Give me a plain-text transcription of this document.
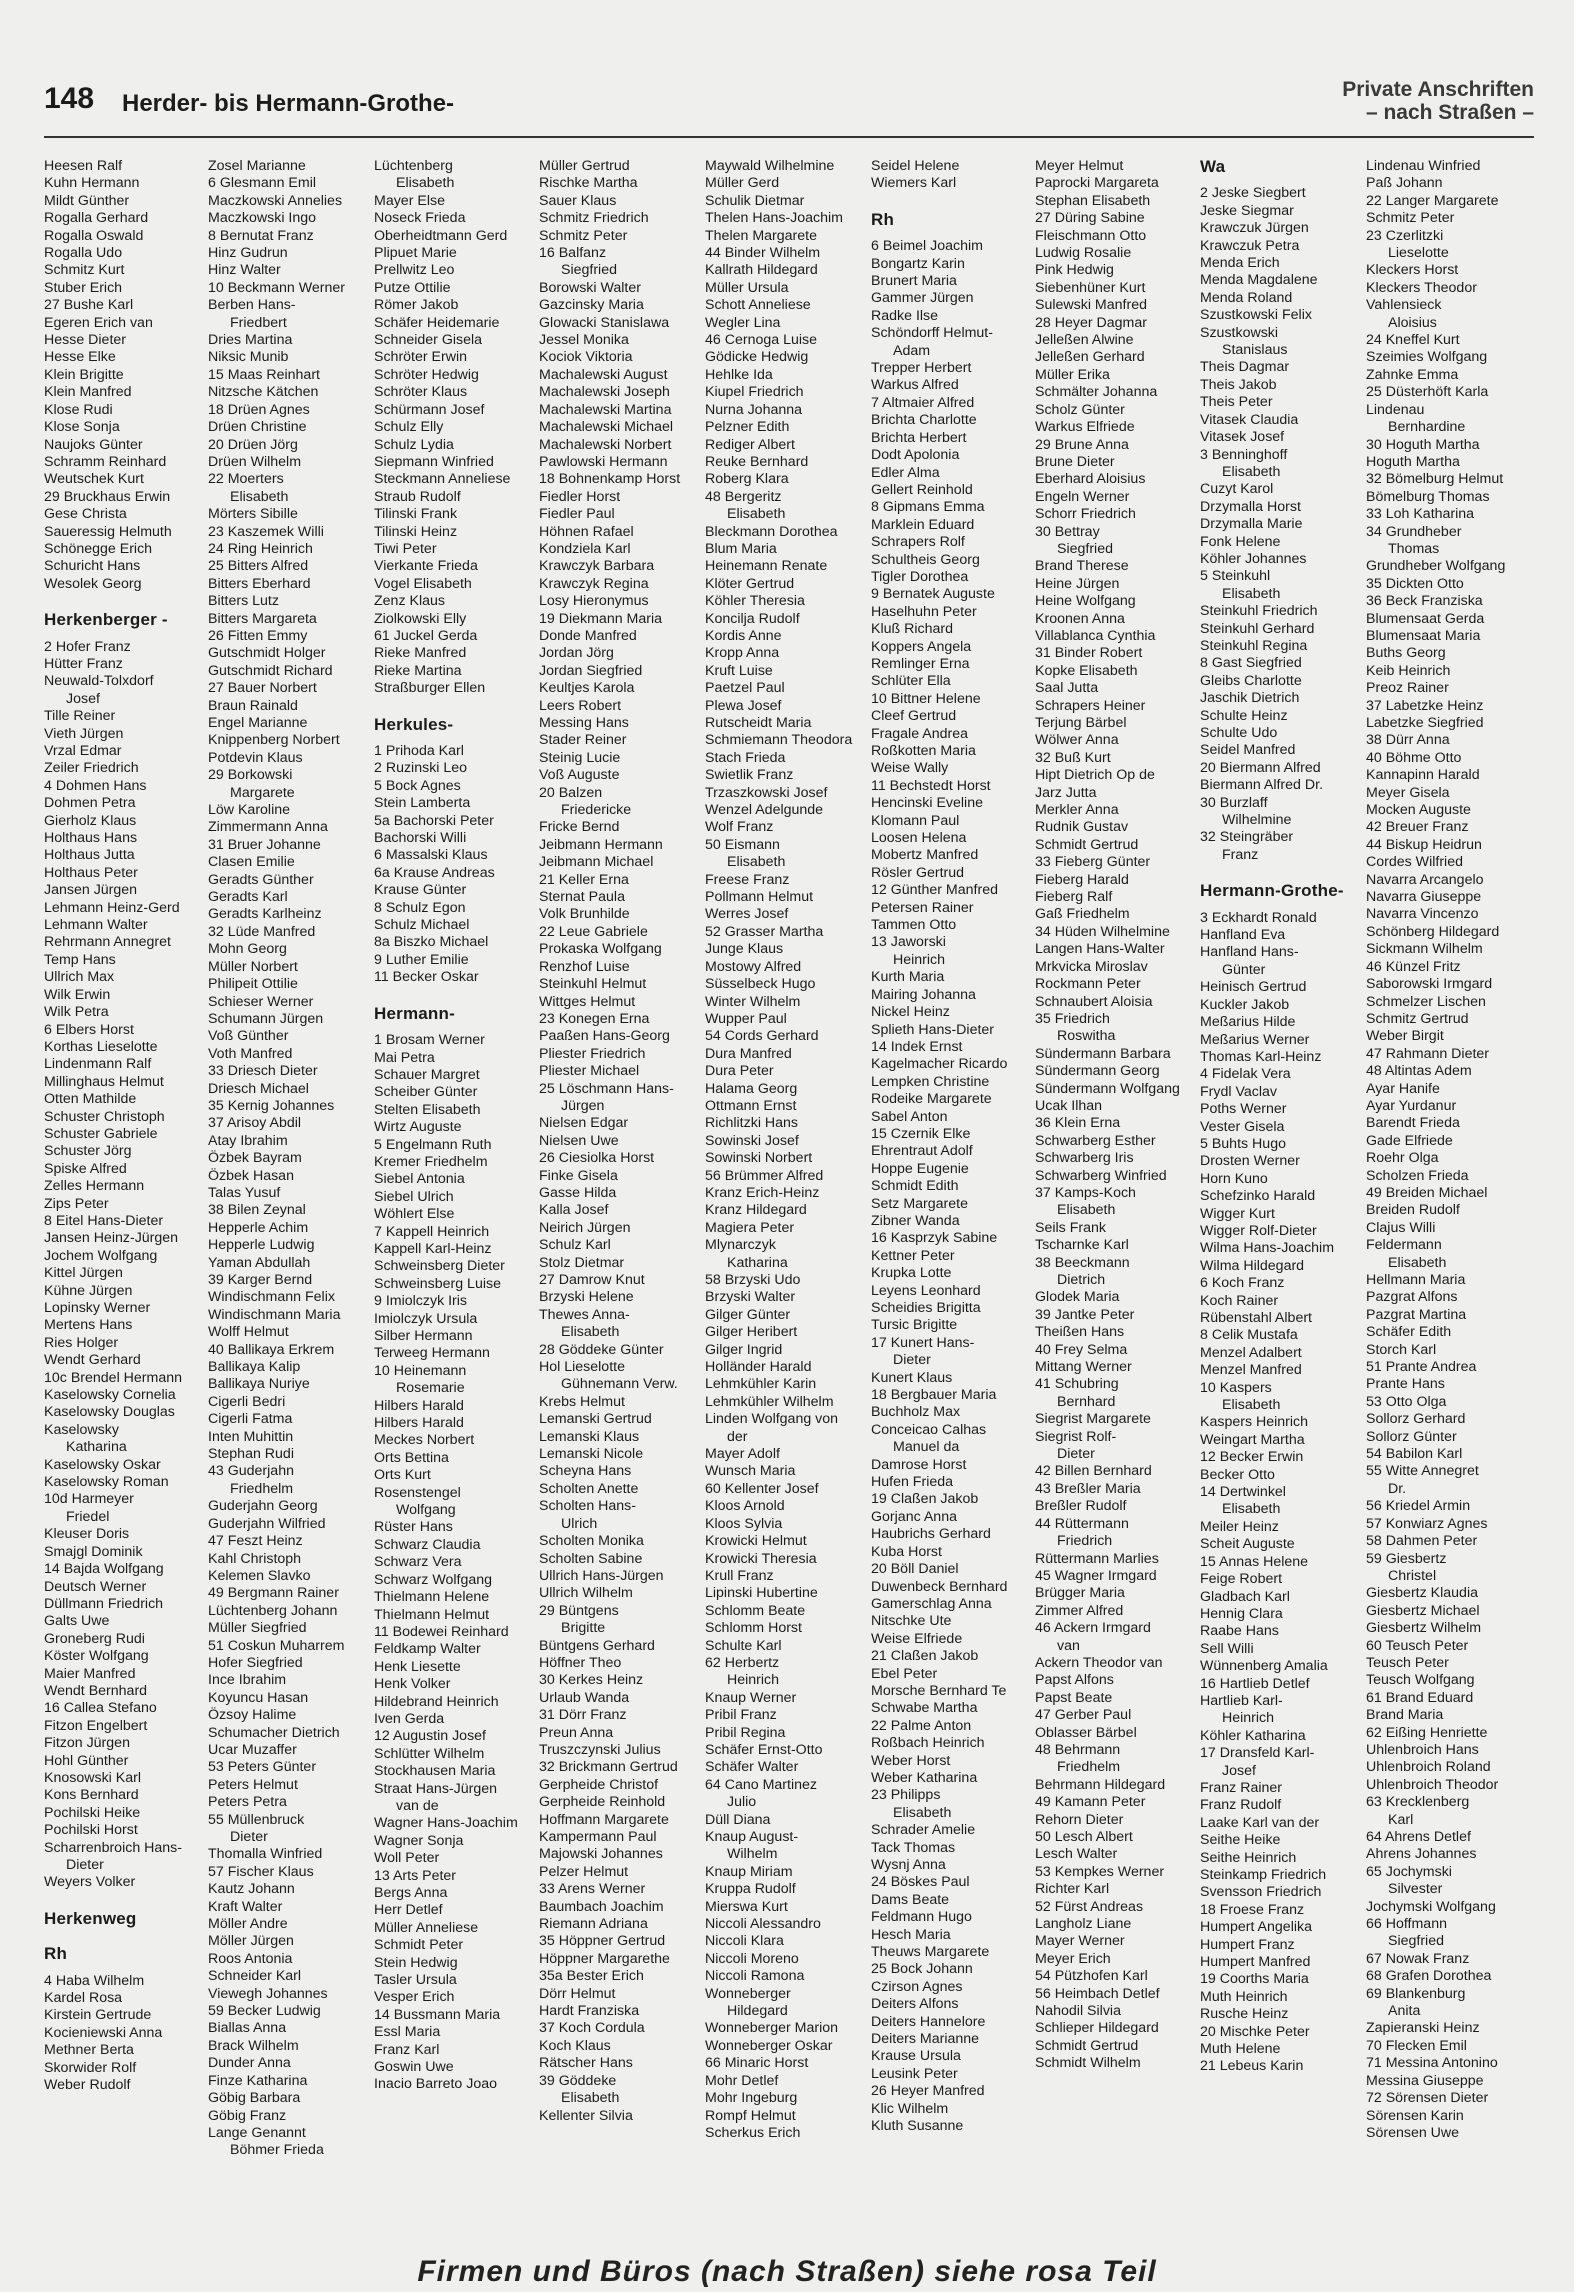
148 Herder- bis Hermann-Grothe-
Private Anschriften
– nach Straßen –
Heesen Ralf
Kuhn Hermann
Mildt Günther
Rogalla Gerhard
Rogalla Oswald
Rogalla Udo
Schmitz Kurt
Stuber Erich
27 Bushe Karl
Egeren Erich van
Hesse Dieter
Hesse Elke
Klein Brigitte
Klein Manfred
Klose Rudi
Klose Sonja
Naujoks Günter
Schramm Reinhard
Weutschek Kurt
29 Bruckhaus Erwin
Gese Christa
Saueressig Helmuth
Schönegge Erich
Schuricht Hans
Wesolek Georg
Herkenberger -
2 Hofer Franz
Hütter Franz
Neuwald-Tolxdorf
Josef
Tille Reiner
Vieth Jürgen
Vrzal Edmar
Zeiler Friedrich
4 Dohmen Hans
Dohmen Petra
Gierholz Klaus
Holthaus Hans
Holthaus Jutta
Holthaus Peter
Jansen Jürgen
Lehmann Heinz-Gerd
Lehmann Walter
Rehrmann Annegret
Temp Hans
Ullrich Max
Wilk Erwin
Wilk Petra
6 Elbers Horst
Korthas Lieselotte
Lindenmann Ralf
Millinghaus Helmut
Otten Mathilde
Schuster Christoph
Schuster Gabriele
Schuster Jörg
Spiske Alfred
Zelles Hermann
Zips Peter
8 Eitel Hans-Dieter
Jansen Heinz-Jürgen
Jochem Wolfgang
Kittel Jürgen
Kühne Jürgen
Lopinsky Werner
Mertens Hans
Ries Holger
Wendt Gerhard
10c Brendel Hermann
Kaselowsky Cornelia
Kaselowsky Douglas
Kaselowsky
Katharina
Kaselowsky Oskar
Kaselowsky Roman
10d Harmeyer
Friedel
Kleuser Doris
Smajgl Dominik
14 Bajda Wolfgang
Deutsch Werner
Düllmann Friedrich
Galts Uwe
Groneberg Rudi
Köster Wolfgang
Maier Manfred
Wendt Bernhard
16 Callea Stefano
Fitzon Engelbert
Fitzon Jürgen
Hohl Günther
Knosowski Karl
Kons Bernhard
Pochilski Heike
Pochilski Horst
Scharrenbroich Hans-
Dieter
Weyers Volker
Herkenweg
Rh
4 Haba Wilhelm
Kardel Rosa
Kirstein Gertrude
Kocieniewski Anna
Methner Berta
Skorwider Rolf
Weber Rudolf
Zosel Marianne
6 Glesmann Emil
Maczkowski Annelies
Maczkowski Ingo
8 Bernutat Franz
Hinz Gudrun
Hinz Walter
10 Beckmann Werner
Berben Hans-
Friedbert
Dries Martina
Niksic Munib
15 Maas Reinhart
Nitzsche Kätchen
18 Drüen Agnes
Drüen Christine
20 Drüen Jörg
Drüen Wilhelm
22 Moerters
Elisabeth
Mörters Sibille
23 Kaszemek Willi
24 Ring Heinrich
25 Bitters Alfred
Bitters Eberhard
Bitters Lutz
Bitters Margareta
26 Fitten Emmy
Gutschmidt Holger
Gutschmidt Richard
27 Bauer Norbert
Braun Rainald
Engel Marianne
Knippenberg Norbert
Potdevin Klaus
29 Borkowski
Margarete
Löw Karoline
Zimmermann Anna
31 Bruer Johanne
Clasen Emilie
Geradts Günther
Geradts Karl
Geradts Karlheinz
32 Lüde Manfred
Mohn Georg
Müller Norbert
Philipeit Ottilie
Schieser Werner
Schumann Jürgen
Voß Günther
Voth Manfred
33 Driesch Dieter
Driesch Michael
35 Kernig Johannes
37 Arisoy Abdil
Atay Ibrahim
Özbek Bayram
Özbek Hasan
Talas Yusuf
38 Bilen Zeynal
Hepperle Achim
Hepperle Ludwig
Yaman Abdullah
39 Karger Bernd
Windischmann Felix
Windischmann Maria
Wolff Helmut
40 Ballikaya Erkrem
Ballikaya Kalip
Ballikaya Nuriye
Cigerli Bedri
Cigerli Fatma
Inten Muhittin
Stephan Rudi
43 Guderjahn
Friedhelm
Guderjahn Georg
Guderjahn Wilfried
47 Feszt Heinz
Kahl Christoph
Kelemen Slavko
49 Bergmann Rainer
Lüchtenberg Johann
Müller Siegfried
51 Coskun Muharrem
Hofer Siegfried
Ince Ibrahim
Koyuncu Hasan
Özsoy Halime
Schumacher Dietrich
Ucar Muzaffer
53 Peters Günter
Peters Helmut
Peters Petra
55 Müllenbruck
Dieter
Thomalla Winfried
57 Fischer Klaus
Kautz Johann
Kraft Walter
Möller Andre
Möller Jürgen
Roos Antonia
Schneider Karl
Viewegh Johannes
59 Becker Ludwig
Biallas Anna
Brack Wilhelm
Dunder Anna
Finze Katharina
Göbig Barbara
Göbig Franz
Lange Genannt
Böhmer Frieda
Lüchtenberg
Elisabeth
Mayer Else
Noseck Frieda
Oberheidtmann Gerd
Plipuet Marie
Prellwitz Leo
Putze Ottilie
Römer Jakob
Schäfer Heidemarie
Schneider Gisela
Schröter Erwin
Schröter Hedwig
Schröter Klaus
Schürmann Josef
Schulz Elly
Schulz Lydia
Siepmann Winfried
Steckmann Anneliese
Straub Rudolf
Tilinski Frank
Tilinski Heinz
Tiwi Peter
Vierkante Frieda
Vogel Elisabeth
Zenz Klaus
Ziolkowski Elly
61 Juckel Gerda
Rieke Manfred
Rieke Martina
Straßburger Ellen
Herkules-
1 Prihoda Karl
2 Ruzinski Leo
5 Bock Agnes
Stein Lamberta
5a Bachorski Peter
Bachorski Willi
6 Massalski Klaus
6a Krause Andreas
Krause Günter
8 Schulz Egon
Schulz Michael
8a Biszko Michael
9 Luther Emilie
11 Becker Oskar
Hermann-
1 Brosam Werner
Mai Petra
Schauer Margret
Scheiber Günter
Stelten Elisabeth
Wirtz Auguste
5 Engelmann Ruth
Kremer Friedhelm
Siebel Antonia
Siebel Ulrich
Wöhlert Else
7 Kappell Heinrich
Kappell Karl-Heinz
Schweinsberg Dieter
Schweinsberg Luise
9 Imiolczyk Iris
Imiolczyk Ursula
Silber Hermann
Terweeg Hermann
10 Heinemann
Rosemarie
Hilbers Harald
Hilbers Harald
Meckes Norbert
Orts Bettina
Orts Kurt
Rosenstengel
Wolfgang
Rüster Hans
Schwarz Claudia
Schwarz Vera
Schwarz Wolfgang
Thielmann Helene
Thielmann Helmut
11 Bodewei Reinhard
Feldkamp Walter
Henk Liesette
Henk Volker
Hildebrand Heinrich
Iven Gerda
12 Augustin Josef
Schlütter Wilhelm
Stockhausen Maria
Straat Hans-Jürgen
van de
Wagner Hans-Joachim
Wagner Sonja
Woll Peter
13 Arts Peter
Bergs Anna
Herr Detlef
Müller Anneliese
Schmidt Peter
Stein Hedwig
Tasler Ursula
Vesper Erich
14 Bussmann Maria
Essl Maria
Franz Karl
Goswin Uwe
Inacio Barreto Joao
Müller Gertrud
Rischke Martha
Sauer Klaus
Schmitz Friedrich
Schmitz Peter
16 Balfanz
Siegfried
Borowski Walter
Gazcinsky Maria
Glowacki Stanislawa
Jessel Monika
Kociok Viktoria
Machalewski August
Machalewski Joseph
Machalewski Martina
Machalewski Michael
Machalewski Norbert
Pawlowski Hermann
18 Bohnenkamp Horst
Fiedler Horst
Fiedler Paul
Höhnen Rafael
Kondziela Karl
Krawczyk Barbara
Krawczyk Regina
Losy Hieronymus
19 Diekmann Maria
Donde Manfred
Jordan Jörg
Jordan Siegfried
Keultjes Karola
Leers Robert
Messing Hans
Stader Reiner
Steinig Lucie
Voß Auguste
20 Balzen
Friedericke
Fricke Bernd
Jeibmann Hermann
Jeibmann Michael
21 Keller Erna
Sternat Paula
Volk Brunhilde
22 Leue Gabriele
Prokaska Wolfgang
Renzhof Luise
Steinkuhl Helmut
Wittges Helmut
23 Konegen Erna
Paaßen Hans-Georg
Pliester Friedrich
Pliester Michael
25 Löschmann Hans-
Jürgen
Nielsen Edgar
Nielsen Uwe
26 Ciesiolka Horst
Finke Gisela
Gasse Hilda
Kalla Josef
Neirich Jürgen
Schulz Karl
Stolz Dietmar
27 Damrow Knut
Brzyski Helene
Thewes Anna-
Elisabeth
28 Göddeke Günter
Hol Lieselotte
Gühnemann Verw.
Krebs Helmut
Lemanski Gertrud
Lemanski Klaus
Lemanski Nicole
Scheyna Hans
Scholten Anette
Scholten Hans-
Ulrich
Scholten Monika
Scholten Sabine
Ullrich Hans-Jürgen
Ullrich Wilhelm
29 Büntgens
Brigitte
Büntgens Gerhard
Höffner Theo
30 Kerkes Heinz
Urlaub Wanda
31 Dörr Franz
Preun Anna
Truszczynski Julius
32 Brickmann Gertrud
Gerpheide Christof
Gerpheide Reinhold
Hoffmann Margarete
Kampermann Paul
Majowski Johannes
Pelzer Helmut
33 Arens Werner
Baumbach Joachim
Riemann Adriana
35 Höppner Gertrud
Höppner Margarethe
35a Bester Erich
Dörr Helmut
Hardt Franziska
37 Koch Cordula
Koch Klaus
Rätscher Hans
39 Göddeke
Elisabeth
Kellenter Silvia
Maywald Wilhelmine
Müller Gerd
Schulik Dietmar
Thelen Hans-Joachim
Thelen Margarete
44 Binder Wilhelm
Kallrath Hildegard
Müller Ursula
Schott Anneliese
Wegler Lina
46 Cernoga Luise
Gödicke Hedwig
Hehlke Ida
Kiupel Friedrich
Nurna Johanna
Pelzner Edith
Rediger Albert
Reuke Bernhard
Roberg Klara
48 Bergeritz
Elisabeth
Bleckmann Dorothea
Blum Maria
Heinemann Renate
Klöter Gertrud
Köhler Theresia
Koncilja Rudolf
Kordis Anne
Kropp Anna
Kruft Luise
Paetzel Paul
Plewa Josef
Rutscheidt Maria
Schmiemann Theodora
Stach Frieda
Swietlik Franz
Trzaszkowski Josef
Wenzel Adelgunde
Wolf Franz
50 Eismann
Elisabeth
Freese Franz
Pollmann Helmut
Werres Josef
52 Grasser Martha
Junge Klaus
Mostowy Alfred
Süsselbeck Hugo
Winter Wilhelm
Wupper Paul
54 Cords Gerhard
Dura Manfred
Dura Peter
Halama Georg
Ottmann Ernst
Richlitzki Hans
Sowinski Josef
Sowinski Norbert
56 Brümmer Alfred
Kranz Erich-Heinz
Kranz Hildegard
Magiera Peter
Mlynarczyk
Katharina
58 Brzyski Udo
Brzyski Walter
Gilger Günter
Gilger Heribert
Gilger Ingrid
Holländer Harald
Lehmkühler Karin
Lehmkühler Wilhelm
Linden Wolfgang von
der
Mayer Adolf
Wunsch Maria
60 Kellenter Josef
Kloos Arnold
Kloos Sylvia
Krowicki Helmut
Krowicki Theresia
Krull Franz
Lipinski Hubertine
Schlomm Beate
Schlomm Horst
Schulte Karl
62 Herbertz
Heinrich
Knaup Werner
Pribil Franz
Pribil Regina
Schäfer Ernst-Otto
Schäfer Walter
64 Cano Martinez
Julio
Düll Diana
Knaup August-
Wilhelm
Knaup Miriam
Kruppa Rudolf
Mierswa Kurt
Niccoli Alessandro
Niccoli Klara
Niccoli Moreno
Niccoli Ramona
Wonneberger
Hildegard
Wonneberger Marion
Wonneberger Oskar
66 Minaric Horst
Mohr Detlef
Mohr Ingeburg
Rompf Helmut
Scherkus Erich
Seidel Helene
Wiemers Karl
Rh
6 Beimel Joachim
Bongartz Karin
Brunert Maria
Gammer Jürgen
Radke Ilse
Schöndorff Helmut-
Adam
Trepper Herbert
Warkus Alfred
7 Altmaier Alfred
Brichta Charlotte
Brichta Herbert
Dodt Apolonia
Edler Alma
Gellert Reinhold
8 Gipmans Emma
Marklein Eduard
Schrapers Rolf
Schultheis Georg
Tigler Dorothea
9 Bernatek Auguste
Haselhuhn Peter
Kluß Richard
Koppers Angela
Remlinger Erna
Schlüter Ella
10 Bittner Helene
Cleef Gertrud
Fragale Andrea
Roßkotten Maria
Weise Wally
11 Bechstedt Horst
Hencinski Eveline
Klomann Paul
Loosen Helena
Mobertz Manfred
Rösler Gertrud
12 Günther Manfred
Petersen Rainer
Tammen Otto
13 Jaworski
Heinrich
Kurth Maria
Mairing Johanna
Nickel Heinz
Splieth Hans-Dieter
14 Indek Ernst
Kagelmacher Ricardo
Lempken Christine
Rodeike Margarete
Sabel Anton
15 Czernik Elke
Ehrentraut Adolf
Hoppe Eugenie
Schmidt Edith
Setz Margarete
Zibner Wanda
16 Kasprzyk Sabine
Kettner Peter
Krupka Lotte
Leyens Leonhard
Scheidies Brigitta
Tursic Brigitte
17 Kunert Hans-
Dieter
Kunert Klaus
18 Bergbauer Maria
Buchholz Max
Conceicao Calhas
Manuel da
Damrose Horst
Hufen Frieda
19 Claßen Jakob
Gorjanc Anna
Haubrichs Gerhard
Kuba Horst
20 Böll Daniel
Duwenbeck Bernhard
Gamerschlag Anna
Nitschke Ute
Weise Elfriede
21 Claßen Jakob
Ebel Peter
Morsche Bernhard Te
Schwabe Martha
22 Palme Anton
Roßbach Heinrich
Weber Horst
Weber Katharina
23 Philipps
Elisabeth
Schrader Amelie
Tack Thomas
Wysnj Anna
24 Böskes Paul
Dams Beate
Feldmann Hugo
Hesch Maria
Theuws Margarete
25 Bock Johann
Czirson Agnes
Deiters Alfons
Deiters Hannelore
Deiters Marianne
Krause Ursula
Leusink Peter
26 Heyer Manfred
Klic Wilhelm
Kluth Susanne
Meyer Helmut
Paprocki Margareta
Stephan Elisabeth
27 Düring Sabine
Fleischmann Otto
Ludwig Rosalie
Pink Hedwig
Siebenhüner Kurt
Sulewski Manfred
28 Heyer Dagmar
Jelleßen Alwine
Jelleßen Gerhard
Müller Erika
Schmälter Johanna
Scholz Günter
Warkus Elfriede
29 Brune Anna
Brune Dieter
Eberhard Aloisius
Engeln Werner
Schorr Friedrich
30 Bettray
Siegfried
Brand Therese
Heine Jürgen
Heine Wolfgang
Kroonen Anna
Villablanca Cynthia
31 Binder Robert
Kopke Elisabeth
Saal Jutta
Schrapers Heiner
Terjung Bärbel
Wölwer Anna
32 Buß Kurt
Hipt Dietrich Op de
Jarz Jutta
Merkler Anna
Rudnik Gustav
Schmidt Gertrud
33 Fieberg Günter
Fieberg Harald
Fieberg Ralf
Gaß Friedhelm
34 Hüden Wilhelmine
Langen Hans-Walter
Mrkvicka Miroslav
Rockmann Peter
Schnaubert Aloisia
35 Friedrich
Roswitha
Sündermann Barbara
Sündermann Georg
Sündermann Wolfgang
Ucak Ilhan
36 Klein Erna
Schwarberg Esther
Schwarberg Iris
Schwarberg Winfried
37 Kamps-Koch
Elisabeth
Seils Frank
Tscharnke Karl
38 Beeckmann
Dietrich
Glodek Maria
39 Jantke Peter
Theißen Hans
40 Frey Selma
Mittang Werner
41 Schubring
Bernhard
Siegrist Margarete
Siegrist Rolf-
Dieter
42 Billen Bernhard
43 Breßler Maria
Breßler Rudolf
44 Rüttermann
Friedrich
Rüttermann Marlies
45 Wagner Irmgard
Brügger Maria
Zimmer Alfred
46 Ackern Irmgard
van
Ackern Theodor van
Papst Alfons
Papst Beate
47 Gerber Paul
Oblasser Bärbel
48 Behrmann
Friedhelm
Behrmann Hildegard
49 Kamann Peter
Rehorn Dieter
50 Lesch Albert
Lesch Walter
53 Kempkes Werner
Richter Karl
52 Fürst Andreas
Langholz Liane
Mayer Werner
Meyer Erich
54 Pützhofen Karl
56 Heimbach Detlef
Nahodil Silvia
Schlieper Hildegard
Schmidt Gertrud
Schmidt Wilhelm
Wa
2 Jeske Siegbert
Jeske Siegmar
Krawczuk Jürgen
Krawczuk Petra
Menda Erich
Menda Magdalene
Menda Roland
Szustkowski Felix
Szustkowski
Stanislaus
Theis Dagmar
Theis Jakob
Theis Peter
Vitasek Claudia
Vitasek Josef
3 Benninghoff
Elisabeth
Cuzyt Karol
Drzymalla Horst
Drzymalla Marie
Fonk Helene
Köhler Johannes
5 Steinkuhl
Elisabeth
Steinkuhl Friedrich
Steinkuhl Gerhard
Steinkuhl Regina
8 Gast Siegfried
Gleibs Charlotte
Jaschik Dietrich
Schulte Heinz
Schulte Udo
Seidel Manfred
20 Biermann Alfred
Biermann Alfred Dr.
30 Burzlaff
Wilhelmine
32 Steingräber
Franz
Hermann-Grothe-
3 Eckhardt Ronald
Hanfland Eva
Hanfland Hans-
Günter
Heinisch Gertrud
Kuckler Jakob
Meßarius Hilde
Meßarius Werner
Thomas Karl-Heinz
4 Fidelak Vera
Frydl Vaclav
Poths Werner
Vester Gisela
5 Buhts Hugo
Drosten Werner
Horn Kuno
Schefzinko Harald
Wigger Kurt
Wigger Rolf-Dieter
Wilma Hans-Joachim
Wilma Hildegard
6 Koch Franz
Koch Rainer
Rübenstahl Albert
8 Celik Mustafa
Menzel Adalbert
Menzel Manfred
10 Kaspers
Elisabeth
Kaspers Heinrich
Weingart Martha
12 Becker Erwin
Becker Otto
14 Dertwinkel
Elisabeth
Meiler Heinz
Scheit Auguste
15 Annas Helene
Feige Robert
Gladbach Karl
Hennig Clara
Raabe Hans
Sell Willi
Wünnenberg Amalia
16 Hartlieb Detlef
Hartlieb Karl-
Heinrich
Köhler Katharina
17 Dransfeld Karl-
Josef
Franz Rainer
Franz Rudolf
Laake Karl van der
Seithe Heike
Seithe Heinrich
Steinkamp Friedrich
Svensson Friedrich
18 Froese Franz
Humpert Angelika
Humpert Franz
Humpert Manfred
19 Coorths Maria
Muth Heinrich
Rusche Heinz
20 Mischke Peter
Muth Helene
21 Lebeus Karin
Lindenau Winfried
Paß Johann
22 Langer Margarete
Schmitz Peter
23 Czerlitzki
Lieselotte
Kleckers Horst
Kleckers Theodor
Vahlensieck
Aloisius
24 Kneffel Kurt
Szeimies Wolfgang
Zahnke Emma
25 Düsterhöft Karla
Lindenau
Bernhardine
30 Hoguth Martha
Hoguth Martha
32 Bömelburg Helmut
Bömelburg Thomas
33 Loh Katharina
34 Grundheber
Thomas
Grundheber Wolfgang
35 Dickten Otto
36 Beck Franziska
Blumensaat Gerda
Blumensaat Maria
Buths Georg
Keib Heinrich
Preoz Rainer
37 Labetzke Heinz
Labetzke Siegfried
38 Dürr Anna
40 Böhme Otto
Kannapinn Harald
Meyer Gisela
Mocken Auguste
42 Breuer Franz
44 Biskup Heidrun
Cordes Wilfried
Navarra Arcangelo
Navarra Giuseppe
Navarra Vincenzo
Schönberg Hildegard
Sickmann Wilhelm
46 Künzel Fritz
Saborowski Irmgard
Schmelzer Lischen
Schmitz Gertrud
Weber Birgit
47 Rahmann Dieter
48 Altintas Adem
Ayar Hanife
Ayar Yurdanur
Barendt Frieda
Gade Elfriede
Roehr Olga
Scholzen Frieda
49 Breiden Michael
Breiden Rudolf
Clajus Willi
Feldermann
Elisabeth
Hellmann Maria
Pazgrat Alfons
Pazgrat Martina
Schäfer Edith
Storch Karl
51 Prante Andrea
Prante Hans
53 Otto Olga
Sollorz Gerhard
Sollorz Günter
54 Babilon Karl
55 Witte Annegret
Dr.
56 Kriedel Armin
57 Konwiarz Agnes
58 Dahmen Peter
59 Giesbertz
Christel
Giesbertz Klaudia
Giesbertz Michael
Giesbertz Wilhelm
60 Teusch Peter
Teusch Peter
Teusch Wolfgang
61 Brand Eduard
Brand Maria
62 Eißing Henriette
Uhlenbroich Hans
Uhlenbroich Roland
Uhlenbroich Theodor
63 Krecklenberg
Karl
64 Ahrens Detlef
Ahrens Johannes
65 Jochymski
Silvester
Jochymski Wolfgang
66 Hoffmann
Siegfried
67 Nowak Franz
68 Grafen Dorothea
69 Blankenburg
Anita
Zapieranski Heinz
70 Flecken Emil
71 Messina Antonino
Messina Giuseppe
72 Sörensen Dieter
Sörensen Karin
Sörensen Uwe
Firmen und Büros (nach Straßen) siehe rosa Teil
